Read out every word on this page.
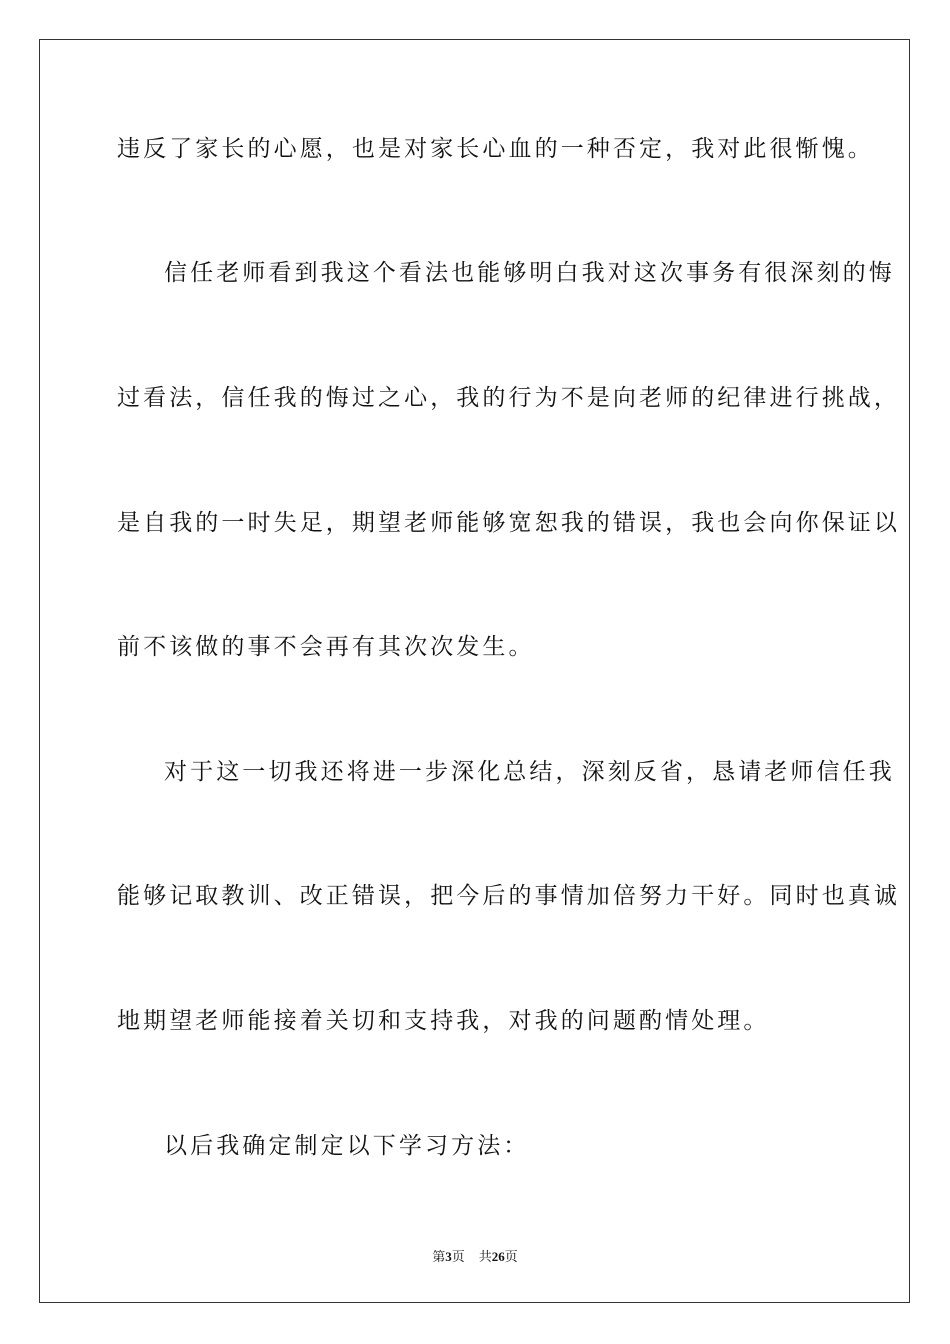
违反了家长的心愿，也是对家长心血的一种否定，我对此很惭愧。
信任老师看到我这个看法也能够明白我对这次事务有很深刻的悔
过看法，信任我的悔过之心，我的行为不是向老师的纪律进行挑战，
是自我的一时失足，期望老师能够宽恕我的错误，我也会向你保证以
前不该做的事不会再有其次次发生。
对于这一切我还将进一步深化总结，深刻反省，恳请老师信任我
能够记取教训、改正错误，把今后的事情加倍努力干好。同时也真诚
地期望老师能接着关切和支持我，对我的问题酌情处理。
以后我确定制定以下学习方法：
第3页 共26页
